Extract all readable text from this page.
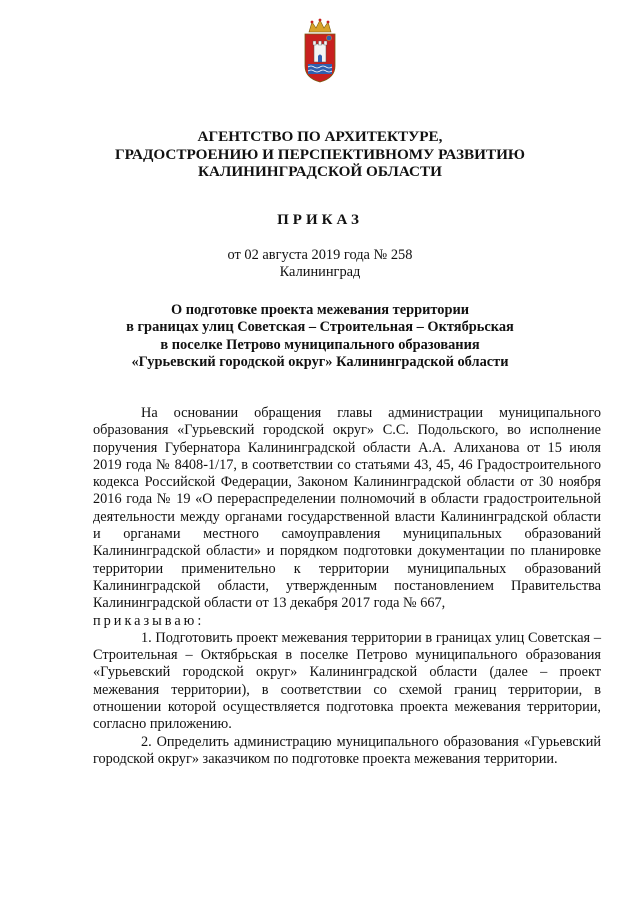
АГЕНТСТВО ПО АРХИТЕКТУРЕ,
ГРАДОСТРОЕНИЮ И ПЕРСПЕКТИВНОМУ РАЗВИТИЮ
КАЛИНИНГРАДСКОЙ ОБЛАСТИ
ПРИКАЗ
от 02 августа 2019 года № 258
Калининград
О подготовке проекта межевания территории
в границах улиц Советская – Строительная – Октябрьская
в поселке Петрово муниципального образования
«Гурьевский городской округ» Калининградской области

На основании обращения главы администрации муниципального образования «Гурьевский городской округ» С.С. Подольского, во исполнение поручения Губернатора Калининградской области А.А. Алиханова от 15 июля 2019 года № 8408-1/17, в соответствии со статьями 43, 45, 46 Градостроительного кодекса Российской Федерации, Законом Калининградской области от 30 ноября 2016 года № 19 «О перераспределении полномочий в области градостроительной деятельности между органами государственной власти Калининградской области и органами местного самоуправления муниципальных образований Калининградской области» и порядком подготовки документации по планировке территории применительно к территории муниципальных образований Калининградской области, утвержденным постановлением Правительства Калининградской области от 13 декабря 2017 года № 667,

приказываю:

1. Подготовить проект межевания территории в границах улиц Советская – Строительная – Октябрьская в поселке Петрово муниципального образования «Гурьевский городской округ» Калининградской области (далее – проект межевания территории), в соответствии со схемой границ территории, в отношении которой осуществляется подготовка проекта межевания территории, согласно приложению.

2. Определить администрацию муниципального образования «Гурьевский городской округ» заказчиком по подготовке проекта межевания территории.
